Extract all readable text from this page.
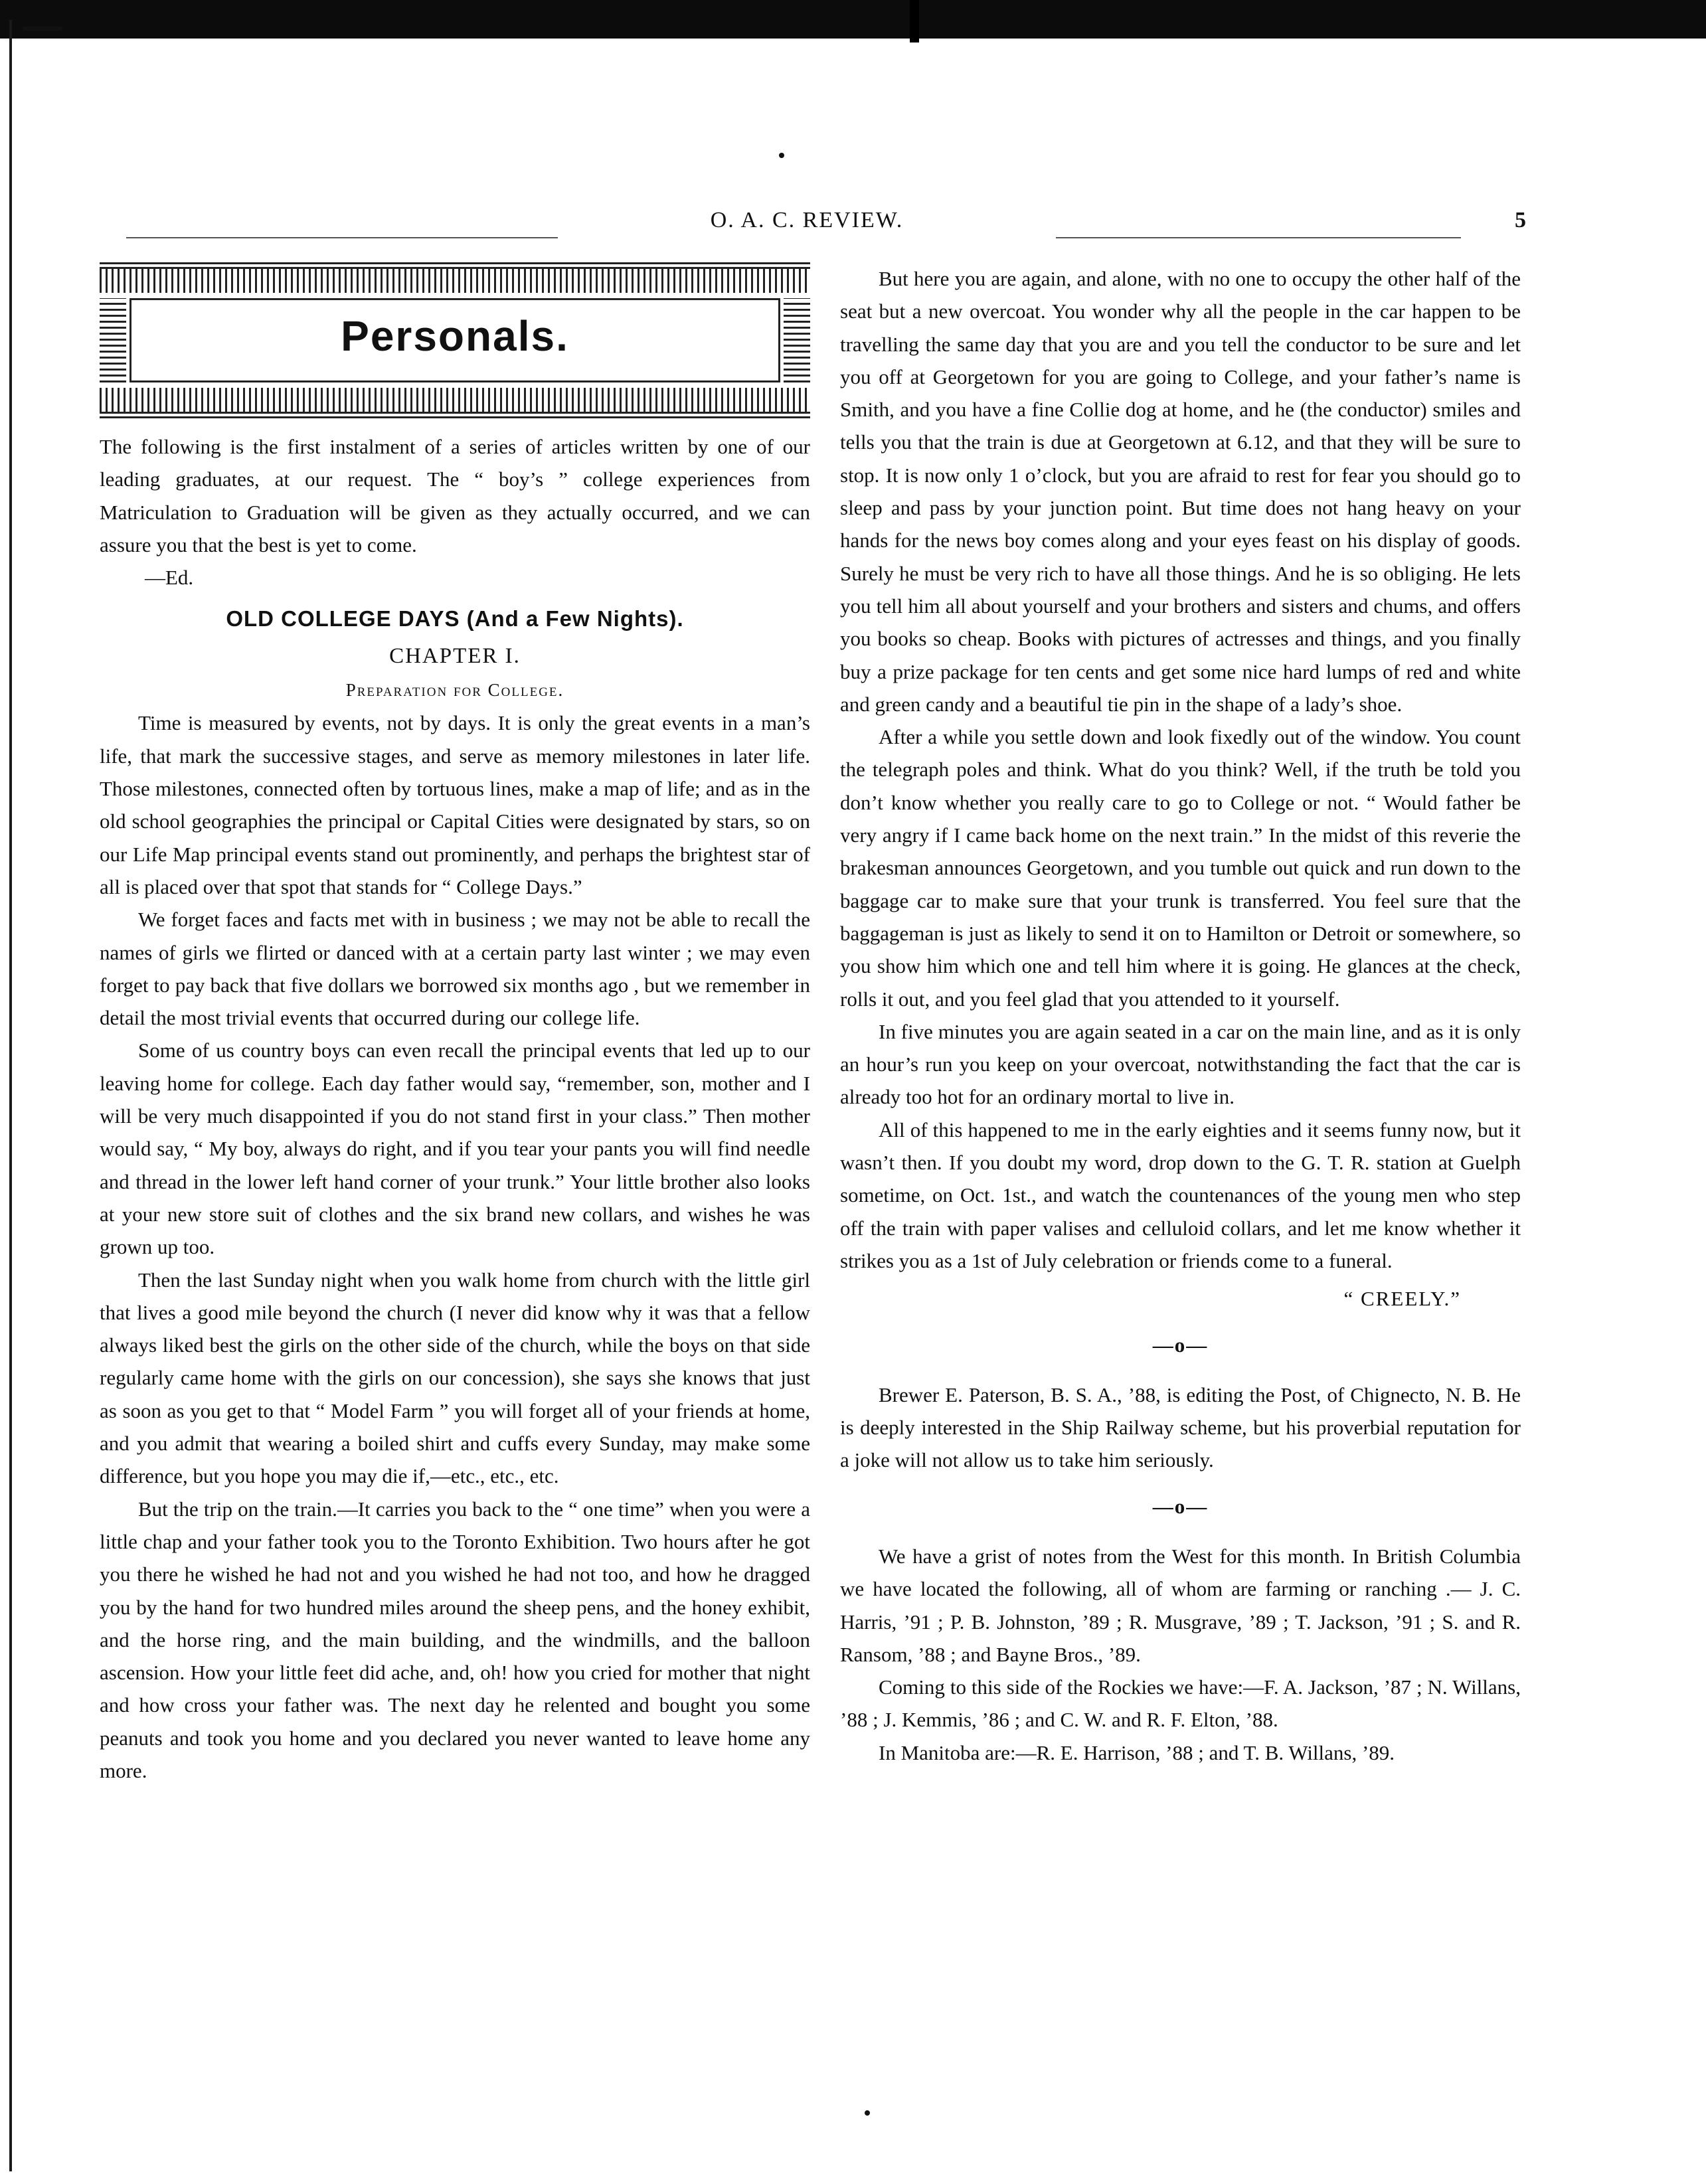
O. A. C. REVIEW.	5
Personals.

The following is the first instalment of a series of articles written by one of our leading graduates, at our request. The “ boy’s ” college experiences from Matriculation to Graduation will be given as they actually occurred, and we can assure you that the best is yet to come.

—Ed.

OLD COLLEGE DAYS (And a Few Nights).
CHAPTER I.
Preparation for College.

Time is measured by events, not by days. It is only the great events in a man’s life, that mark the successive stages, and serve as memory milestones in later life. Those milestones, connected often by tortuous lines, make a map of life; and as in the old school geographies the principal or Capital Cities were designated by stars, so on our Life Map principal events stand out prominently, and perhaps the brightest star of all is placed over that spot that stands for “ College Days.”

We forget faces and facts met with in business ; we may not be able to recall the names of girls we flirted or danced with at a certain party last winter ; we may even forget to pay back that five dollars we borrowed six months ago , but we remember in detail the most trivial events that occurred during our college life.

Some of us country boys can even recall the principal events that led up to our leaving home for college. Each day father would say, “remember, son, mother and I will be very much disappointed if you do not stand first in your class.” Then mother would say, “ My boy, always do right, and if you tear your pants you will find needle and thread in the lower left hand corner of your trunk.” Your little brother also looks at your new store suit of clothes and the six brand new collars, and wishes he was grown up too.

Then the last Sunday night when you walk home from church with the little girl that lives a good mile beyond the church (I never did know why it was that a fellow always liked best the girls on the other side of the church, while the boys on that side regularly came home with the girls on our concession), she says she knows that just as soon as you get to that “ Model Farm ” you will forget all of your friends at home, and you admit that wearing a boiled shirt and cuffs every Sunday, may make some difference, but you hope you may die if,—etc., etc., etc.

But the trip on the train.—It carries you back to the “ one time” when you were a little chap and your father took you to the Toronto Exhibition. Two hours after he got you there he wished he had not and you wished he had not too, and how he dragged you by the hand for two hundred miles around the sheep pens, and the honey exhibit, and the horse ring, and the main building, and the windmills, and the balloon ascension. How your little feet did ache, and, oh! how you cried for mother that night and how cross your father was. The next day he relented and bought you some peanuts and took you home and you declared you never wanted to leave home any more.

But here you are again, and alone, with no one to occupy the other half of the seat but a new overcoat. You wonder why all the people in the car happen to be travelling the same day that you are and you tell the conductor to be sure and let you off at Georgetown for you are going to College, and your father’s name is Smith, and you have a fine Collie dog at home, and he (the conductor) smiles and tells you that the train is due at Georgetown at 6.12, and that they will be sure to stop. It is now only 1 o’clock, but you are afraid to rest for fear you should go to sleep and pass by your junction point. But time does not hang heavy on your hands for the news boy comes along and your eyes feast on his display of goods. Surely he must be very rich to have all those things. And he is so obliging. He lets you tell him all about yourself and your brothers and sisters and chums, and offers you books so cheap. Books with pictures of actresses and things, and you finally buy a prize package for ten cents and get some nice hard lumps of red and white and green candy and a beautiful tie pin in the shape of a lady’s shoe.

After a while you settle down and look fixedly out of the window. You count the telegraph poles and think. What do you think? Well, if the truth be told you don’t know whether you really care to go to College or not. “ Would father be very angry if I came back home on the next train.” In the midst of this reverie the brakesman announces Georgetown, and you tumble out quick and run down to the baggage car to make sure that your trunk is transferred. You feel sure that the baggageman is just as likely to send it on to Hamilton or Detroit or somewhere, so you show him which one and tell him where it is going. He glances at the check, rolls it out, and you feel glad that you attended to it yourself.

In five minutes you are again seated in a car on the main line, and as it is only an hour’s run you keep on your overcoat, notwithstanding the fact that the car is already too hot for an ordinary mortal to live in.

All of this happened to me in the early eighties and it seems funny now, but it wasn’t then. If you doubt my word, drop down to the G. T. R. station at Guelph sometime, on Oct. 1st., and watch the countenances of the young men who step off the train with paper valises and celluloid collars, and let me know whether it strikes you as a 1st of July celebration or friends come to a funeral.

“ CREELY.”
—o—

Brewer E. Paterson, B. S. A., ’88, is editing the Post, of Chignecto, N. B. He is deeply interested in the Ship Railway scheme, but his proverbial reputation for a joke will not allow us to take him seriously.

—o—

We have a grist of notes from the West for this month. In British Columbia we have located the following, all of whom are farming or ranching .— J. C. Harris, ’91 ; P. B. Johnston, ’89 ; R. Musgrave, ’89 ; T. Jackson, ’91 ; S. and R. Ransom, ’88 ; and Bayne Bros., ’89.

Coming to this side of the Rockies we have:—F. A. Jackson, ’87 ; N. Willans, ’88 ; J. Kemmis, ’86 ; and C. W. and R. F. Elton, ’88.

In Manitoba are:—R. E. Harrison, ’88 ; and T. B. Willans, ’89.
